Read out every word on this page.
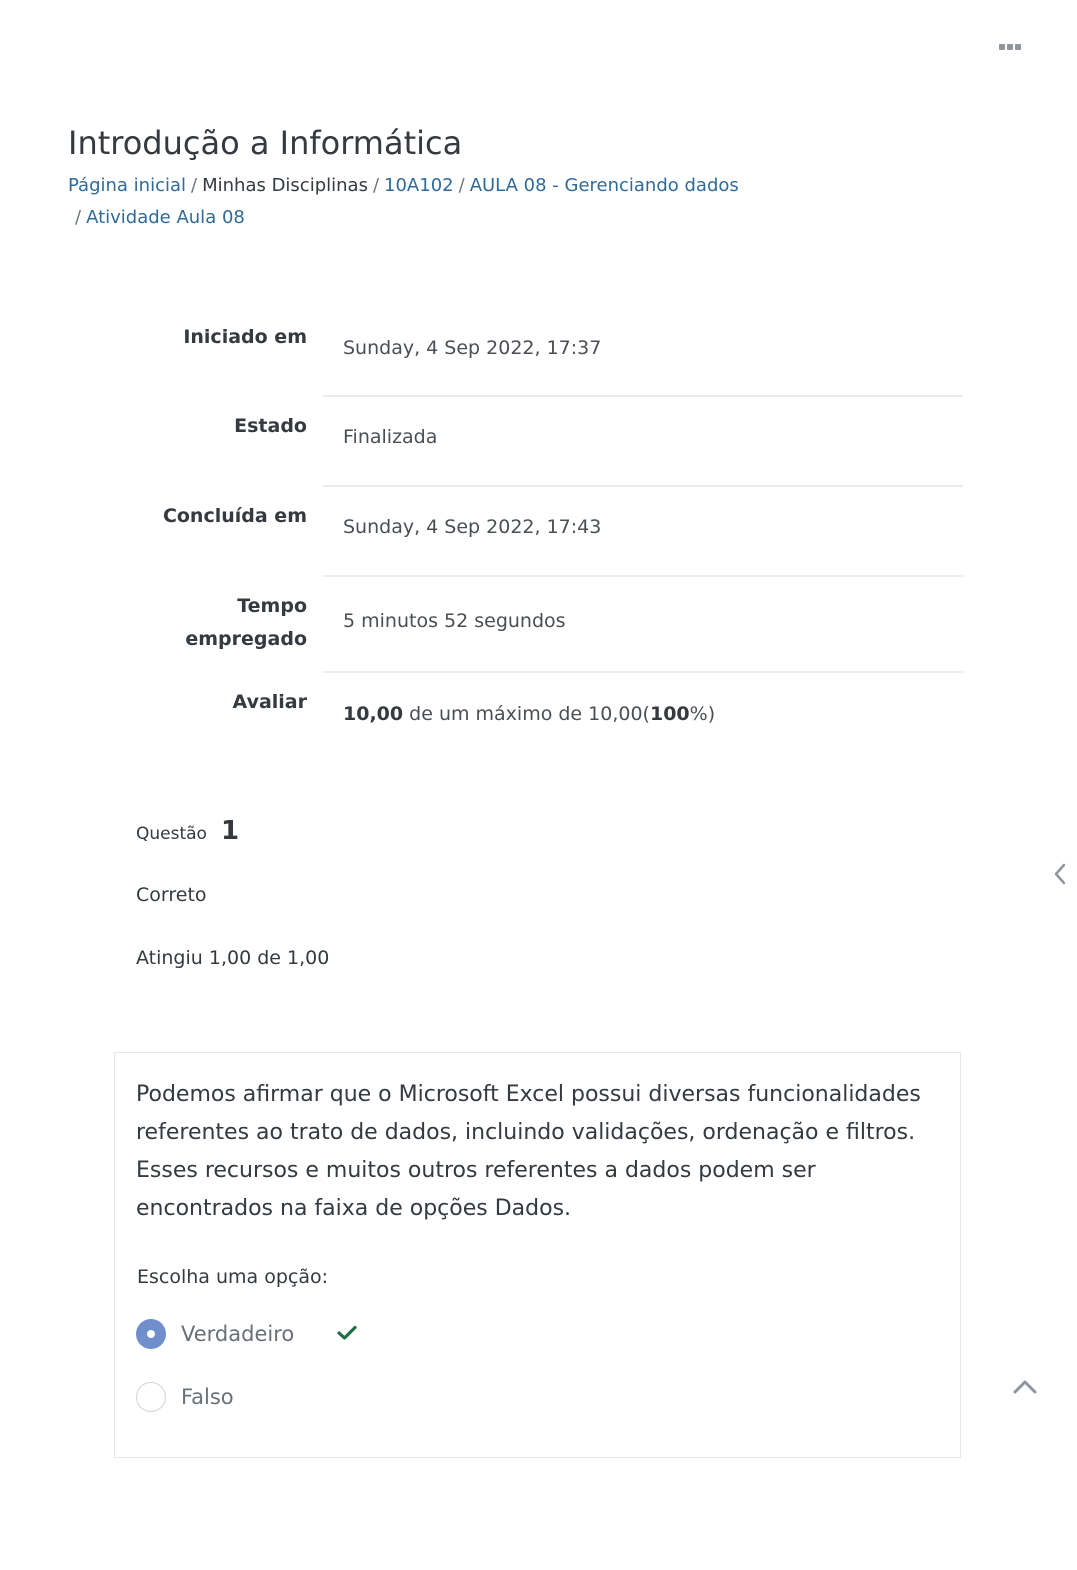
Introdução a Informática
Página inicial / Minhas Disciplinas / 10A102 / AULA 08 - Gerenciando dados
/ Atividade Aula 08
Iniciado em Sunday, 4 Sep 2022, 17:37
Estado Finalizada
Concluída em Sunday, 4 Sep 2022, 17:43
Tempo
empregado
5 minutos 52 segundos
Avaliar
10,00 de um máximo de 10,00(100%)
Questão 1
Correto
Atingiu 1,00 de 1,00
Podemos afirmar que o Microsoft Excel possui diversas funcionalidades referentes ao trato de dados, incluindo validações, ordenação e filtros. Esses recursos e muitos outros referentes a dados podem ser encontrados na faixa de opções Dados.
Escolha uma opção:
Verdadeiro
Falso
